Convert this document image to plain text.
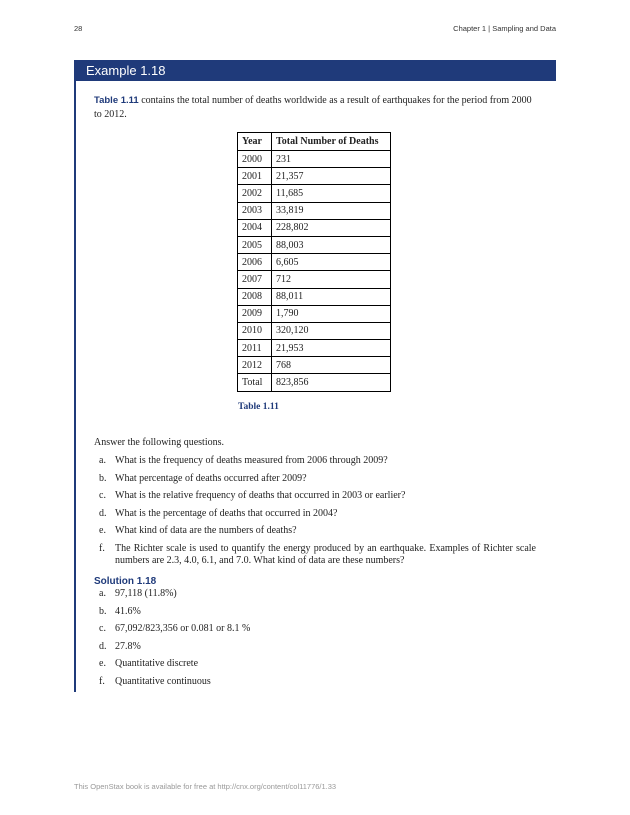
28	Chapter 1 | Sampling and Data
Example 1.18

Table 1.11 contains the total number of deaths worldwide as a result of earthquakes for the period from 2000 to 2012.

Year	Total Number of Deaths
2000	231
2001	21,357
2002	11,685
2003	33,819
2004	228,802
2005	88,003
2006	6,605
2007	712
2008	88,011
2009	1,790
2010	320,120
2011	21,953
2012	768
Total	823,856
Table 1.11
Answer the following questions.
a. What is the frequency of deaths measured from 2006 through 2009?
b. What percentage of deaths occurred after 2009?
c. What is the relative frequency of deaths that occurred in 2003 or earlier?
d. What is the percentage of deaths that occurred in 2004?
e. What kind of data are the numbers of deaths?
f. The Richter scale is used to quantify the energy produced by an earthquake. Examples of Richter scale numbers are 2.3, 4.0, 6.1, and 7.0. What kind of data are these numbers?
Solution 1.18
a. 97,118 (11.8%)
b. 41.6%
c. 67,092/823,356 or 0.081 or 8.1 %
d. 27.8%
e. Quantitative discrete
f. Quantitative continuous
This OpenStax book is available for free at http://cnx.org/content/col11776/1.33
